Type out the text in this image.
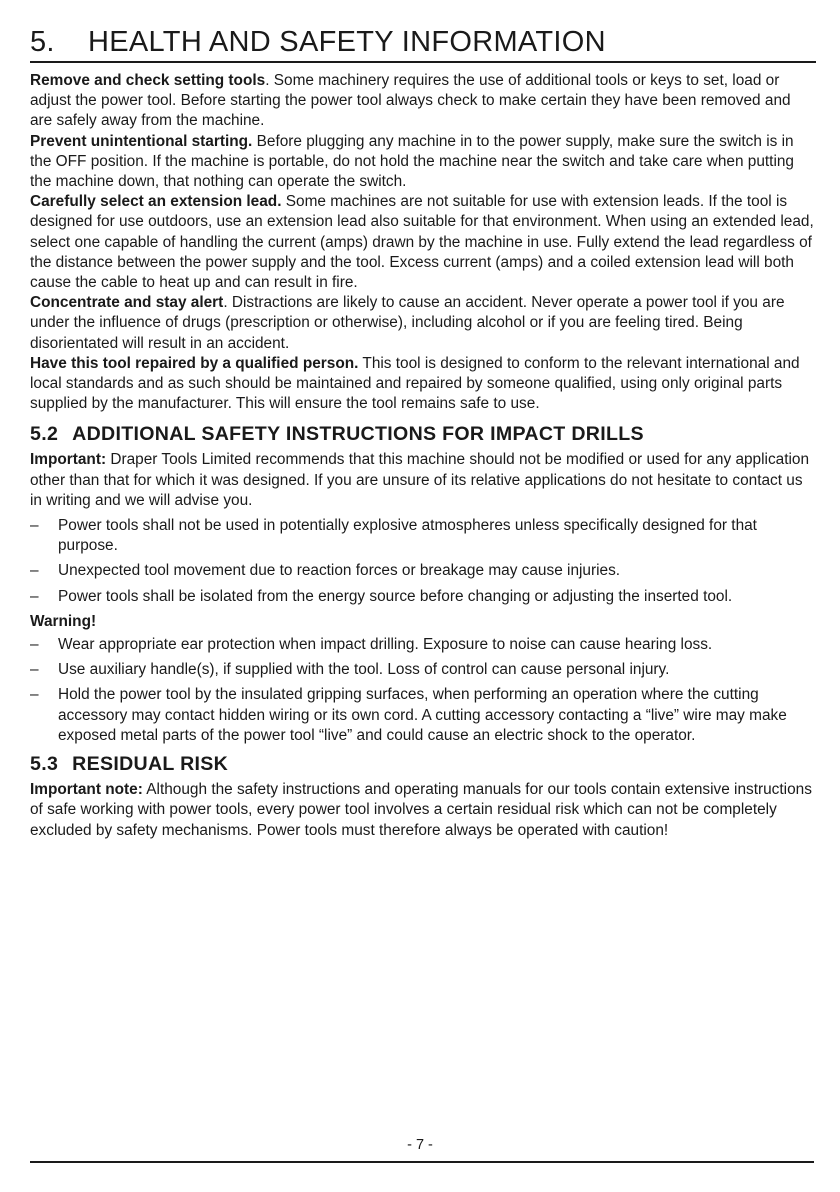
5.	HEALTH AND SAFETY INFORMATION

Remove and check setting tools. Some machinery requires the use of additional tools or keys to set, load or adjust the power tool. Before starting the power tool always check to make certain they have been removed and are safely away from the machine.

Prevent unintentional starting. Before plugging any machine in to the power supply, make sure the switch is in the OFF position. If the machine is portable, do not hold the machine near the switch and take care when putting the machine down, that nothing can operate the switch.

Carefully select an extension lead. Some machines are not suitable for use with extension leads. If the tool is designed for use outdoors, use an extension lead also suitable for that environment. When using an extended lead, select one capable of handling the current (amps) drawn by the machine in use. Fully extend the lead regardless of the distance between the power supply and the tool. Excess current (amps) and a coiled extension lead will both cause the cable to heat up and can result in fire.

Concentrate and stay alert. Distractions are likely to cause an accident. Never operate a power tool if you are under the influence of drugs (prescription or otherwise), including alcohol or if you are feeling tired. Being disorientated will result in an accident.

Have this tool repaired by a qualified person. This tool is designed to conform to the relevant international and local standards and as such should be maintained and repaired by someone qualified, using only original parts supplied by the manufacturer. This will ensure the tool remains safe to use.

5.2 ADDITIONAL SAFETY INSTRUCTIONS FOR IMPACT DRILLS

Important: Draper Tools Limited recommends that this machine should not be modified or used for any application other than that for which it was designed. If you are unsure of its relative applications do not hesitate to contact us in writing and we will advise you.

– Power tools shall not be used in potentially explosive atmospheres unless specifically designed for that purpose.
– Unexpected tool movement due to reaction forces or breakage may cause injuries.
– Power tools shall be isolated from the energy source before changing or adjusting the inserted tool.
Warning!
– Wear appropriate ear protection when impact drilling. Exposure to noise can cause hearing loss.
– Use auxiliary handle(s), if supplied with the tool. Loss of control can cause personal injury.
– Hold the power tool by the insulated gripping surfaces, when performing an operation where the cutting accessory may contact hidden wiring or its own cord. A cutting accessory contacting a “live” wire may make exposed metal parts of the power tool “live” and could cause an electric shock to the operator.
5.3 RESIDUAL RISK

Important note: Although the safety instructions and operating manuals for our tools contain extensive instructions of safe working with power tools, every power tool involves a certain residual risk which can not be completely excluded by safety mechanisms. Power tools must therefore always be operated with caution!

- 7 -
